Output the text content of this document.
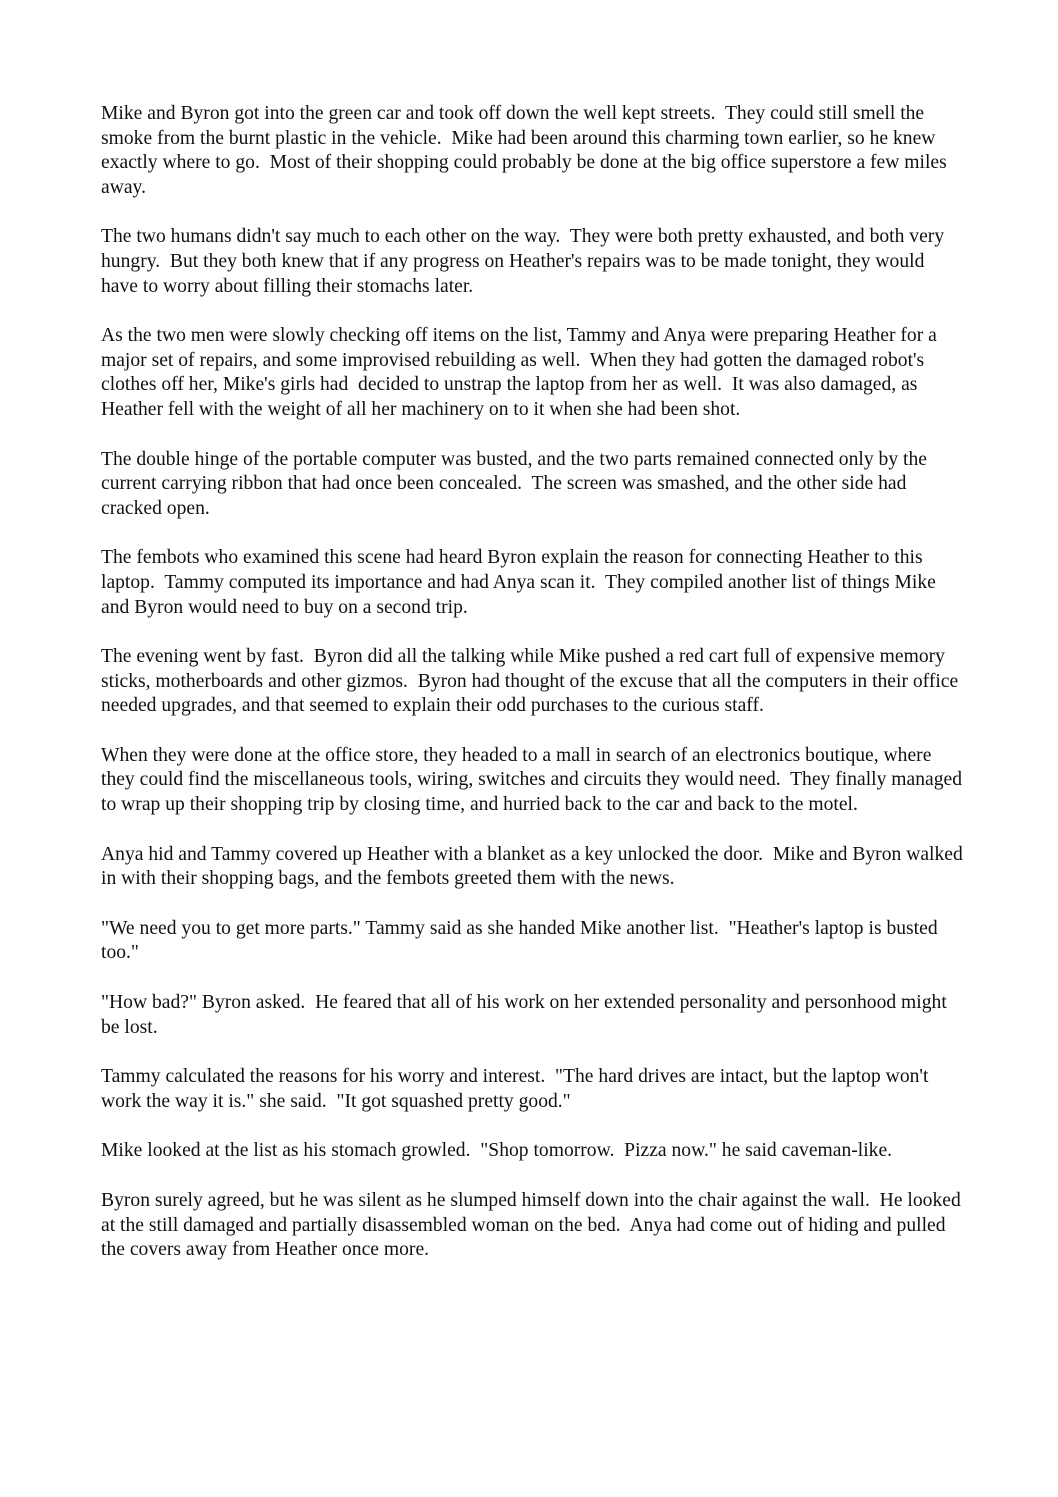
Mike and Byron got into the green car and took off down the well kept streets.  They could still smell the smoke from the burnt plastic in the vehicle.  Mike had been around this charming town earlier, so he knew exactly where to go.  Most of their shopping could probably be done at the big office superstore a few miles away.

The two humans didn't say much to each other on the way.  They were both pretty exhausted, and both very hungry.  But they both knew that if any progress on Heather's repairs was to be made tonight, they would have to worry about filling their stomachs later.

As the two men were slowly checking off items on the list, Tammy and Anya were preparing Heather for a major set of repairs, and some improvised rebuilding as well.  When they had gotten the damaged robot's clothes off her, Mike's girls had  decided to unstrap the laptop from her as well.  It was also damaged, as Heather fell with the weight of all her machinery on to it when she had been shot.

The double hinge of the portable computer was busted, and the two parts remained connected only by the current carrying ribbon that had once been concealed.  The screen was smashed, and the other side had cracked open.

The fembots who examined this scene had heard Byron explain the reason for connecting Heather to this laptop.  Tammy computed its importance and had Anya scan it.  They compiled another list of things Mike and Byron would need to buy on a second trip.

The evening went by fast.  Byron did all the talking while Mike pushed a red cart full of expensive memory sticks, motherboards and other gizmos.  Byron had thought of the excuse that all the computers in their office needed upgrades, and that seemed to explain their odd purchases to the curious staff.

When they were done at the office store, they headed to a mall in search of an electronics boutique, where they could find the miscellaneous tools, wiring, switches and circuits they would need.  They finally managed to wrap up their shopping trip by closing time, and hurried back to the car and back to the motel.

Anya hid and Tammy covered up Heather with a blanket as a key unlocked the door.  Mike and Byron walked in with their shopping bags, and the fembots greeted them with the news.

"We need you to get more parts." Tammy said as she handed Mike another list.  "Heather's laptop is busted too."

"How bad?" Byron asked.  He feared that all of his work on her extended personality and personhood might be lost.

Tammy calculated the reasons for his worry and interest.  "The hard drives are intact, but the laptop won't work the way it is." she said.  "It got squashed pretty good."

Mike looked at the list as his stomach growled.  "Shop tomorrow.  Pizza now." he said caveman-like.

Byron surely agreed, but he was silent as he slumped himself down into the chair against the wall.  He looked at the still damaged and partially disassembled woman on the bed.  Anya had come out of hiding and pulled the covers away from Heather once more.
